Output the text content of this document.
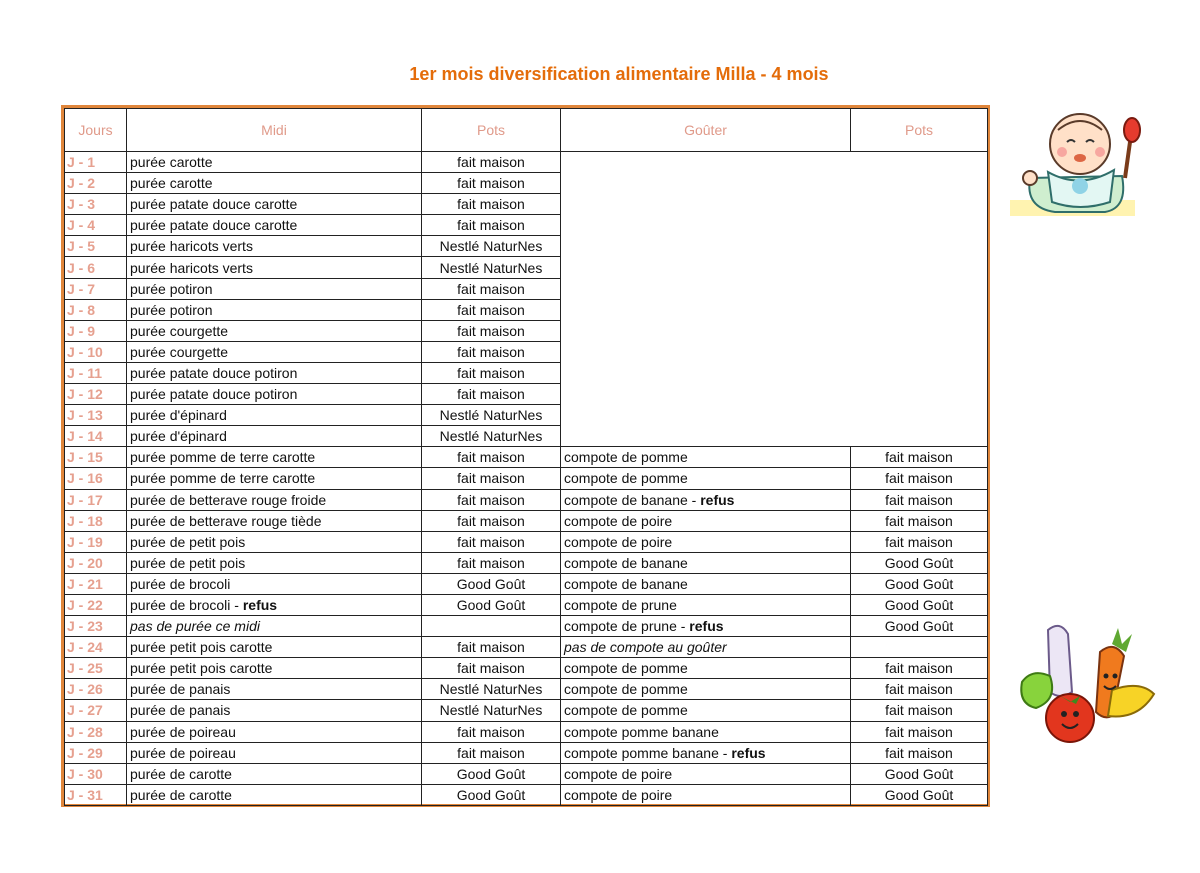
1er mois diversification alimentaire Milla - 4 mois
Jours	Midi	Pots	Goûter	Pots
J - 1	purée carotte	fait maison		
J - 2	purée carotte	fait maison		
J - 3	purée patate douce carotte	fait maison		
J - 4	purée patate douce carotte	fait maison		
J - 5	purée haricots verts	Nestlé NaturNes		
J - 6	purée haricots verts	Nestlé NaturNes		
J - 7	purée potiron	fait maison		
J - 8	purée potiron	fait maison		
J - 9	purée courgette	fait maison		
J - 10	purée courgette	fait maison		
J - 11	purée patate douce potiron	fait maison		
J - 12	purée patate douce potiron	fait maison		
J - 13	purée d'épinard	Nestlé NaturNes		
J - 14	purée d'épinard	Nestlé NaturNes		
J - 15	purée pomme de terre carotte	fait maison	compote de pomme	fait maison
J - 16	purée pomme de terre carotte	fait maison	compote de pomme	fait maison
J - 17	purée de betterave rouge froide	fait maison	compote de banane - refus	fait maison
J - 18	purée de betterave rouge tiède	fait maison	compote de poire	fait maison
J - 19	purée de petit pois	fait maison	compote de poire	fait maison
J - 20	purée de petit pois	fait maison	compote de banane	Good Goût
J - 21	purée de brocoli	Good Goût	compote de banane	Good Goût
J - 22	purée de brocoli - refus	Good Goût	compote de prune	Good Goût
J - 23	pas de purée ce midi		compote de prune - refus	Good Goût
J - 24	purée petit pois carotte	fait maison	pas de compote au goûter	
J - 25	purée petit pois carotte	fait maison	compote de pomme	fait maison
J - 26	purée de panais	Nestlé NaturNes	compote de pomme	fait maison
J - 27	purée de panais	Nestlé NaturNes	compote de pomme	fait maison
J - 28	purée de poireau	fait maison	compote pomme banane	fait maison
J - 29	purée de poireau	fait maison	compote pomme banane - refus	fait maison
J - 30	purée de carotte	Good Goût	compote de poire	Good Goût
J - 31	purée de carotte	Good Goût	compote de poire	Good Goût
